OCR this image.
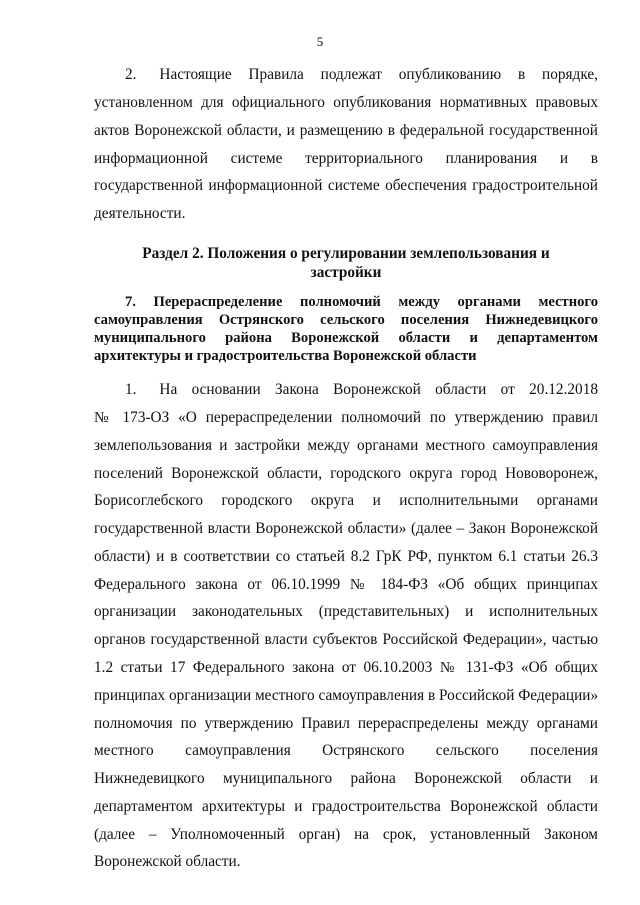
5
2.  Настоящие Правила подлежат опубликованию в порядке,
установленном для официального опубликования нормативных правовых
актов Воронежской области, и размещению в федеральной государственной
информационной системе территориального планирования и в
государственной информационной системе обеспечения градостроительной
деятельности.
Раздел 2. Положения о регулировании землепользования и
застройки
7. Перераспределение полномочий между органами местного
самоуправления Острянского сельского поселения Нижнедевицкого
муниципального района Воронежской области и департаментом
архитектуры и градостроительства Воронежской области
1.  На основании Закона Воронежской области от 20.12.2018
№ 173-ОЗ «О перераспределении полномочий по утверждению правил
землепользования и застройки между органами местного самоуправления
поселений Воронежской области, городского округа город Нововоронеж,
Борисоглебского городского округа и исполнительными органами
государственной власти Воронежской области» (далее – Закон Воронежской
области) и в соответствии со статьей 8.2 ГрК РФ, пунктом 6.1 статьи 26.3
Федерального закона от 06.10.1999 № 184-ФЗ «Об общих принципах
организации законодательных (представительных) и исполнительных
органов государственной власти субъектов Российской Федерации», частью
1.2 статьи 17 Федерального закона от 06.10.2003 № 131-ФЗ «Об общих
принципах организации местного самоуправления в Российской Федерации»
полномочия по утверждению Правил перераспределены между органами
местного самоуправления Острянского сельского поселения
Нижнедевицкого муниципального района Воронежской области и
департаментом архитектуры и градостроительства Воронежской области
(далее – Уполномоченный орган) на срок, установленный Законом
Воронежской области.
